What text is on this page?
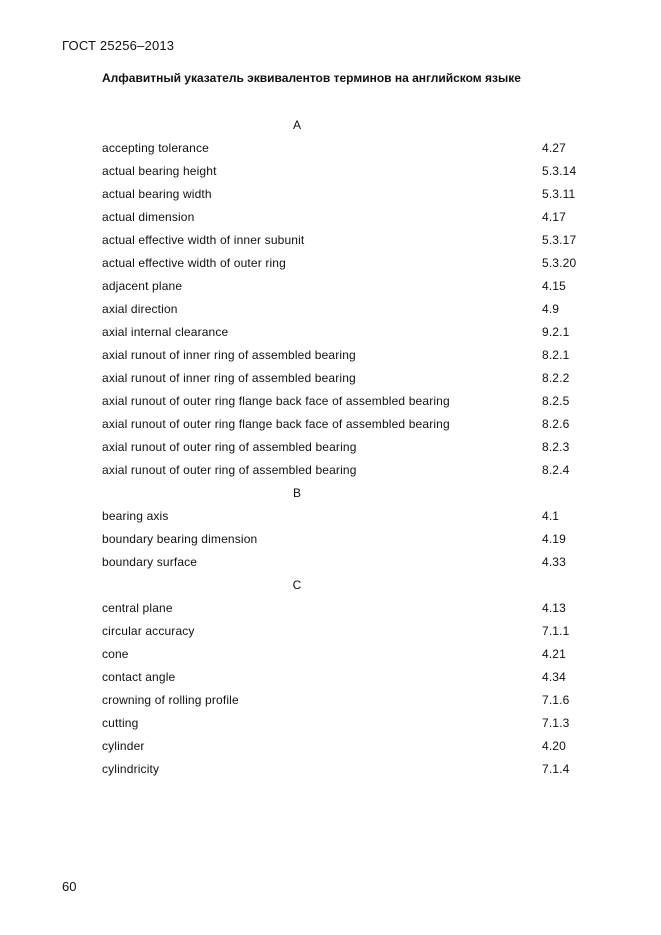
ГОСТ 25256–2013
Алфавитный указатель эквивалентов терминов на английском языке
A
accepting tolerance	4.27
actual bearing height	5.3.14
actual bearing width	5.3.11
actual dimension	4.17
actual effective width of inner subunit	5.3.17
actual effective width of outer ring	5.3.20
adjacent plane	4.15
axial direction	4.9
axial internal clearance	9.2.1
axial runout of inner ring of assembled bearing	8.2.1
axial runout of inner ring of assembled bearing	8.2.2
axial runout of outer ring flange back face of assembled bearing	8.2.5
axial runout of outer ring flange back face of assembled bearing	8.2.6
axial runout of outer ring of assembled bearing	8.2.3
axial runout of outer ring of assembled bearing	8.2.4
B
bearing axis	4.1
boundary bearing dimension	4.19
boundary surface	4.33
C
central plane	4.13
circular accuracy	7.1.1
cone	4.21
contact angle	4.34
crowning of rolling profile	7.1.6
cutting	7.1.3
cylinder	4.20
cylindricity	7.1.4
60
